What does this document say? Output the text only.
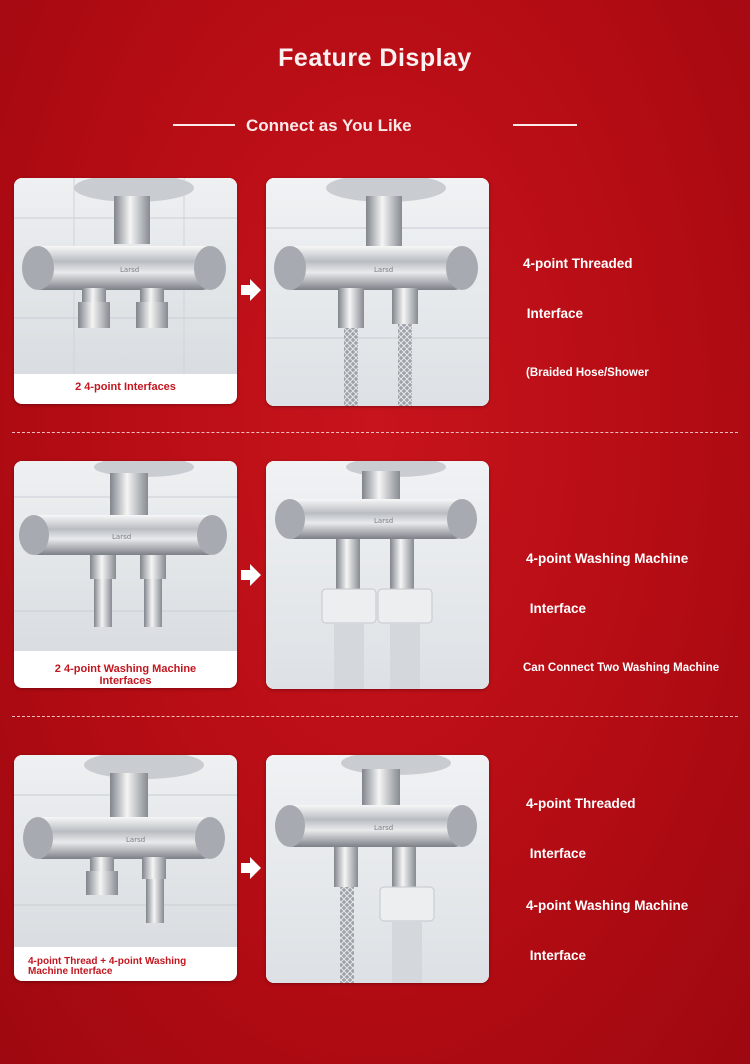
Feature Display
Connect as You Like
Larsd
2 4-point Interfaces
Larsd

	4-point Threaded

Interface

(Braided Hose/Shower

Larsd
2 4-point Washing Machine Interfaces
Larsd

4-point Washing Machine

Interface

Can Connect Two Washing Machine

Larsd
4-point Thread + 4-point Washing Machine Interface
Larsd

4-point Threaded

Interface

4-point Washing Machine

Interface
